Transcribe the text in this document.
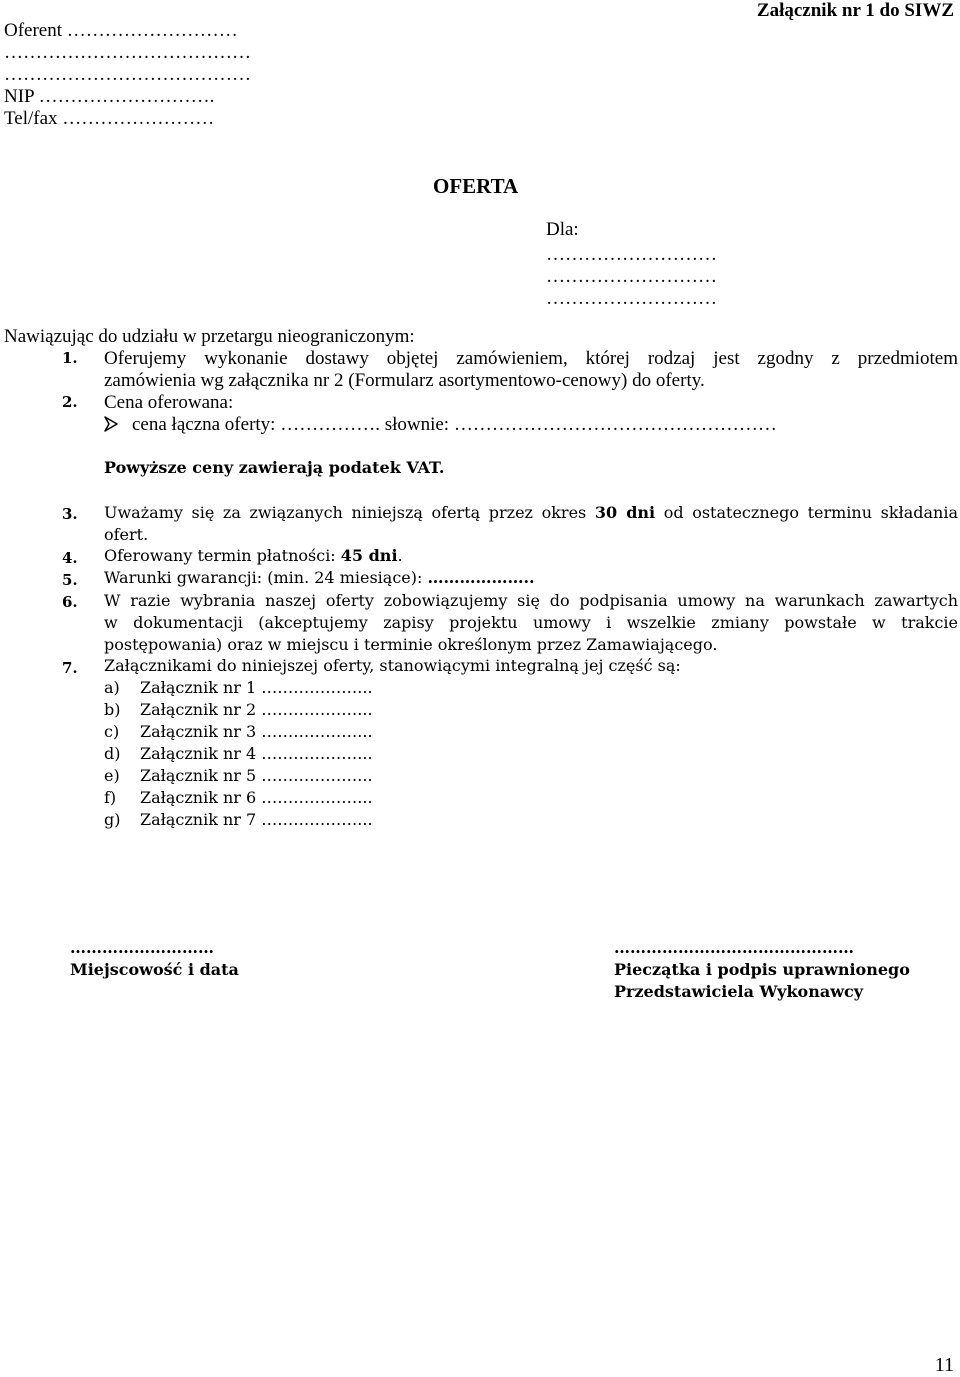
Oferent ………………………
…………………………………
…………………………………
NIP ……………………….
Tel/fax ……………………
Załącznik nr 1 do SIWZ
OFERTA
Dla:
………………………
………………………
………………………
Nawiązując do udziału w przetargu nieograniczonym:
1. Oferujemy wykonanie dostawy objętej zamówieniem, której rodzaj jest zgodny z przedmiotem
zamówienia wg załącznika nr 2 (Formularz asortymentowo-cenowy) do oferty.
2. Cena oferowana:
cena łączna oferty: ……………. słownie: ……………………………………………
Powyższe ceny zawierają podatek VAT.
3. Uważamy się za związanych niniejszą ofertą przez okres 30 dni od ostatecznego terminu składania
ofert.
4. Oferowany termin płatności: 45 dni.
5. Warunki gwarancji: (min. 24 miesiące): ………………..
6. W razie wybrania naszej oferty zobowiązujemy się do podpisania umowy na warunkach zawartych
w dokumentacji (akceptujemy zapisy projektu umowy i wszelkie zmiany powstałe w trakcie
postępowania) oraz w miejscu i terminie określonym przez Zamawiającego.
7. Załącznikami do niniejszej oferty, stanowiącymi integralną jej część są:
a) Załącznik nr 1 ………………...
b) Załącznik nr 2 ………………...
c) Załącznik nr 3 ………………...
d) Załącznik nr 4 ………………...
e) Załącznik nr 5 ………………...
f) Załącznik nr 6 ………………...
g) Załącznik nr 7 ………………...
………………………
Miejscowość i data
………………………………………
Pieczątka i podpis uprawnionego
Przedstawiciela Wykonawcy
11
